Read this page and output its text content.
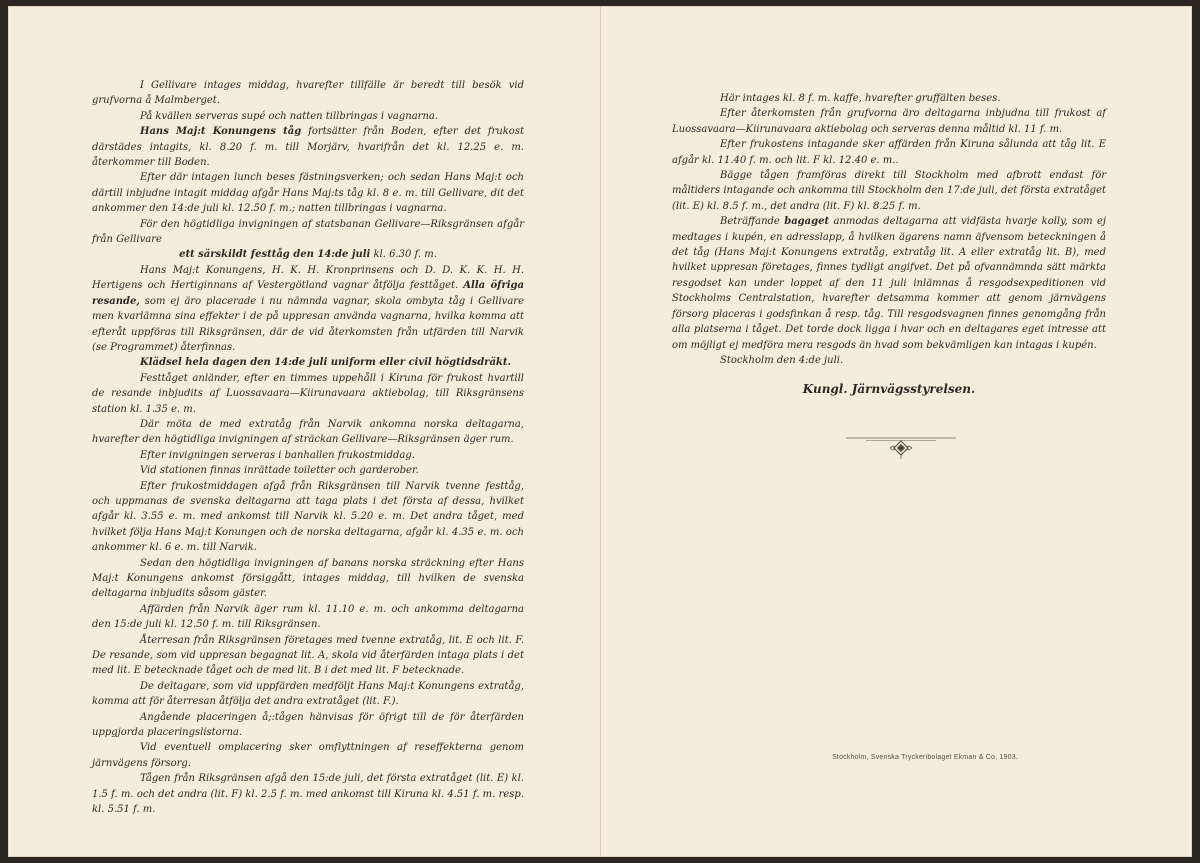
I Gellivare intages middag, hvarefter tillfälle är beredt till besök vid grufvorna å Malmberget.

På kvällen serveras supé och natten tillbringas i vagnarna.

Hans Maj:t Konungens tåg fortsätter från Boden, efter det frukost därstädes intagits, kl. 8.20 f. m. till Morjärv, hvarifrån det kl. 12.25 e. m. återkommer till Boden.

Efter där intagen lunch beses fästningsverken; och sedan Hans Maj:t och därtill inbjudne intagit middag afgår Hans Maj:ts tåg kl. 8 e. m. till Gellivare, dit det ankommer den 14:de juli kl. 12.50 f. m.; natten tillbringas i vagnarna.

För den högtidliga invigningen af statsbanan Gellivare—Riksgränsen afgår från Gellivare

ett särskildt festtåg den 14:de juli kl. 6.30 f. m.

Hans Maj:t Konungens, H. K. H. Kronprinsens och D. D. K. K. H. H. Hertigens och Hertiginnans af Vestergötland vagnar åtfölja festtåget. Alla öfriga resande, som ej äro placerade i nu nämnda vagnar, skola ombyta tåg i Gellivare men kvarlämna sina effekter i de på uppresan använda vagnarna, hvilka komma att efteråt uppföras till Riksgränsen, där de vid återkomsten från utfärden till Narvik (se Programmet) återfinnas.

Klädsel hela dagen den 14:de juli uniform eller civil högtidsdräkt.

Festtåget anländer, efter en timmes uppehåll i Kiruna för frukost hvartill de resande inbjudits af Luossavaara—Kiirunavaara aktiebolag, till Riksgränsens station kl. 1.35 e. m.

Där möta de med extratåg från Narvik ankomna norska deltagarna, hvarefter den högtidliga invigningen af sträckan Gellivare—Riksgränsen äger rum.

Efter invigningen serveras i banhallen frukostmiddag.

Vid stationen finnas inrättade toiletter och garderober.

Efter frukostmiddagen afgå från Riksgränsen till Narvik tvenne festtåg, och uppmanas de svenska deltagarna att taga plats i det första af dessa, hvilket afgår kl. 3.55 e. m. med ankomst till Narvik kl. 5.20 e. m. Det andra tåget, med hvilket följa Hans Maj:t Konungen och de norska deltagarna, afgår kl. 4.35 e. m. och ankommer kl. 6 e. m. till Narvik.

Sedan den högtidliga invigningen af banans norska sträckning efter Hans Maj:t Konungens ankomst försiggått, intages middag, till hvilken de svenska deltagarna inbjudits såsom gäster.

Affärden från Narvik äger rum kl. 11.10 e. m. och ankomma deltagarna den 15:de juli kl. 12.50 f. m. till Riksgränsen.

Återresan från Riksgränsen företages med tvenne extratåg, lit. E och lit. F. De resande, som vid uppresan begagnat lit. A, skola vid återfärden intaga plats i det med lit. E betecknade tåget och de med lit. B i det med lit. F betecknade.

De deltagare, som vid uppfärden medföljt Hans Maj:t Konungens extratåg, komma att för återresan åtfölja det andra extratåget (lit. F.).

Angående placeringen å;:tågen hänvisas för öfrigt till de för återfärden uppgjorda placeringslistorna.

Vid eventuell omplacering sker omflyttningen af reseffekterna genom järnvägens försorg.

Tågen från Riksgränsen afgå den 15:de juli, det första extratåget (lit. E) kl. 1.5 f. m. och det andra (lit. F) kl. 2.5 f. m. med ankomst till Kiruna kl. 4.51 f. m. resp. kl. 5.51 f. m.

Här intages kl. 8 f. m. kaffe, hvarefter gruffälten beses.

Efter återkomsten från grufvorna äro deltagarna inbjudna till frukost af Luossavaara—Kiirunavaara aktiebolag och serveras denna måltid kl. 11 f. m.

Efter frukostens intagande sker affärden från Kiruna sålunda att tåg lit. E afgår kl. 11.40 f. m. och lit. F kl. 12.40 e. m..

Bägge tågen framföras direkt till Stockholm med afbrott endast för måltiders intagande och ankomma till Stockholm den 17:de juli, det första extratåget (lit. E) kl. 8.5 f. m., det andra (lit. F) kl. 8.25 f. m.

Beträffande bagaget anmodas deltagarna att vidfästa hvarje kolly, som ej medtages i kupén, en adresslapp, å hvilken ägarens namn äfvensom beteckningen å det tåg (Hans Maj:t Konungens extratåg, extratåg lit. A eller extratåg lit. B), med hvilket uppresan företages, finnes tydligt angifvet. Det på ofvannämnda sätt märkta resgodset kan under loppet af den 11 juli inlämnas å resgodsexpeditionen vid Stockholms Centralstation, hvarefter detsamma kommer att genom järnvägens försorg placeras i godsfinkan å resp. tåg. Till resgodsvagnen finnes genomgång från alla platserna i tåget. Det torde dock ligga i hvar och en deltagares eget intresse att om möjligt ej medföra mera resgods än hvad som bekvämligen kan intagas i kupén.

Stockholm den 4:de juli.

Kungl. Järnvägsstyrelsen.
Stockholm, Svenska Tryckeribolaget Ekman & Co, 1903.
